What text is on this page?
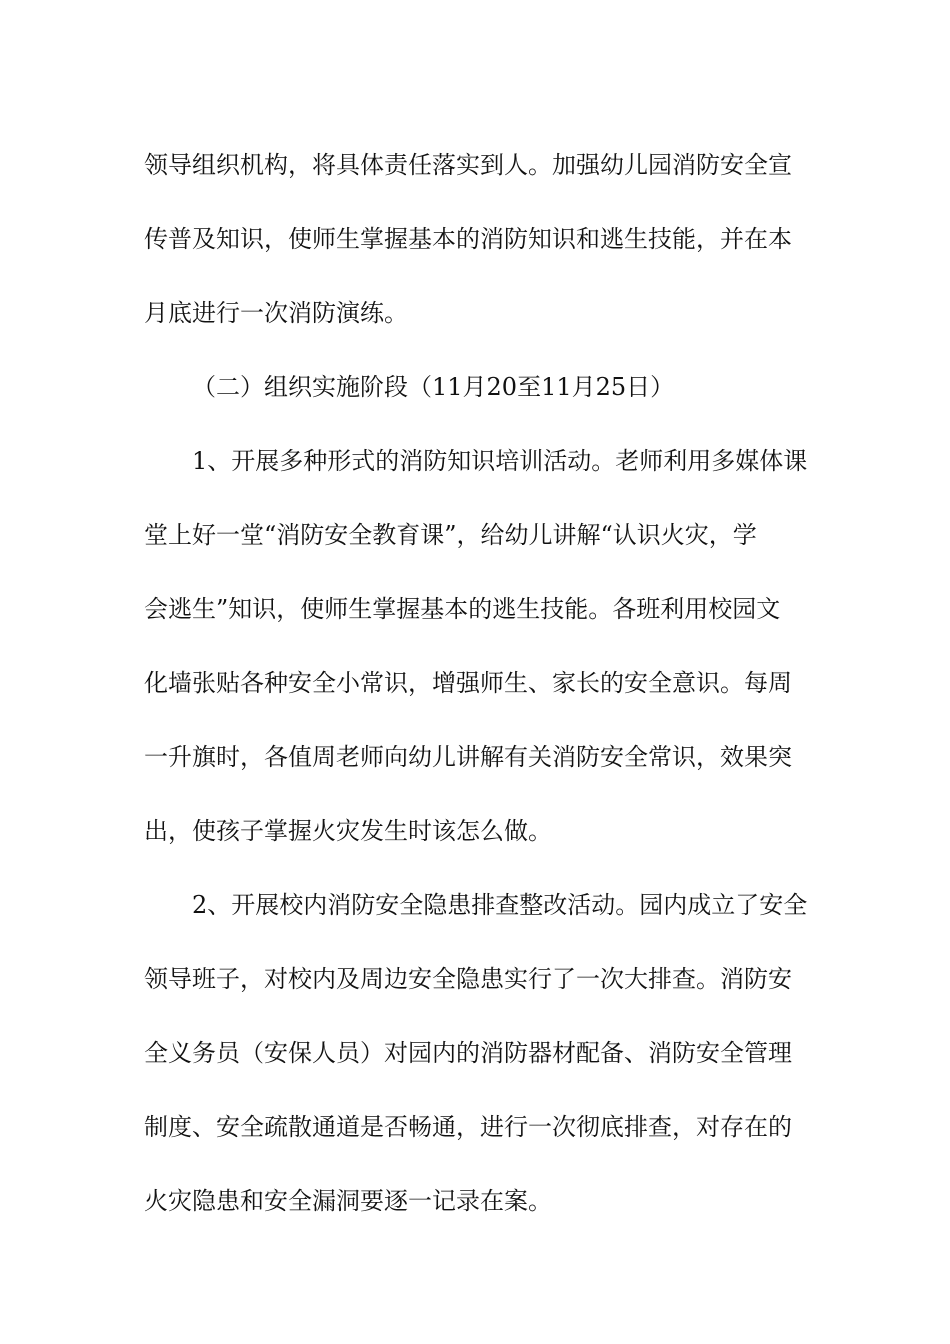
领导组织机构，将具体责任落实到人。加强幼儿园消防安全宣
传普及知识，使师生掌握基本的消防知识和逃生技能，并在本
月底进行一次消防演练。
（二）组织实施阶段（11月20至11月25日）
1、开展多种形式的消防知识培训活动。老师利用多媒体课
堂上好一堂“消防安全教育课”，给幼儿讲解“认识火灾，学
会逃生”知识，使师生掌握基本的逃生技能。各班利用校园文
化墙张贴各种安全小常识，增强师生、家长的安全意识。每周
一升旗时，各值周老师向幼儿讲解有关消防安全常识，效果突
出，使孩子掌握火灾发生时该怎么做。
2、开展校内消防安全隐患排查整改活动。园内成立了安全
领导班子，对校内及周边安全隐患实行了一次大排查。消防安
全义务员（安保人员）对园内的消防器材配备、消防安全管理
制度、安全疏散通道是否畅通，进行一次彻底排查，对存在的
火灾隐患和安全漏洞要逐一记录在案。
